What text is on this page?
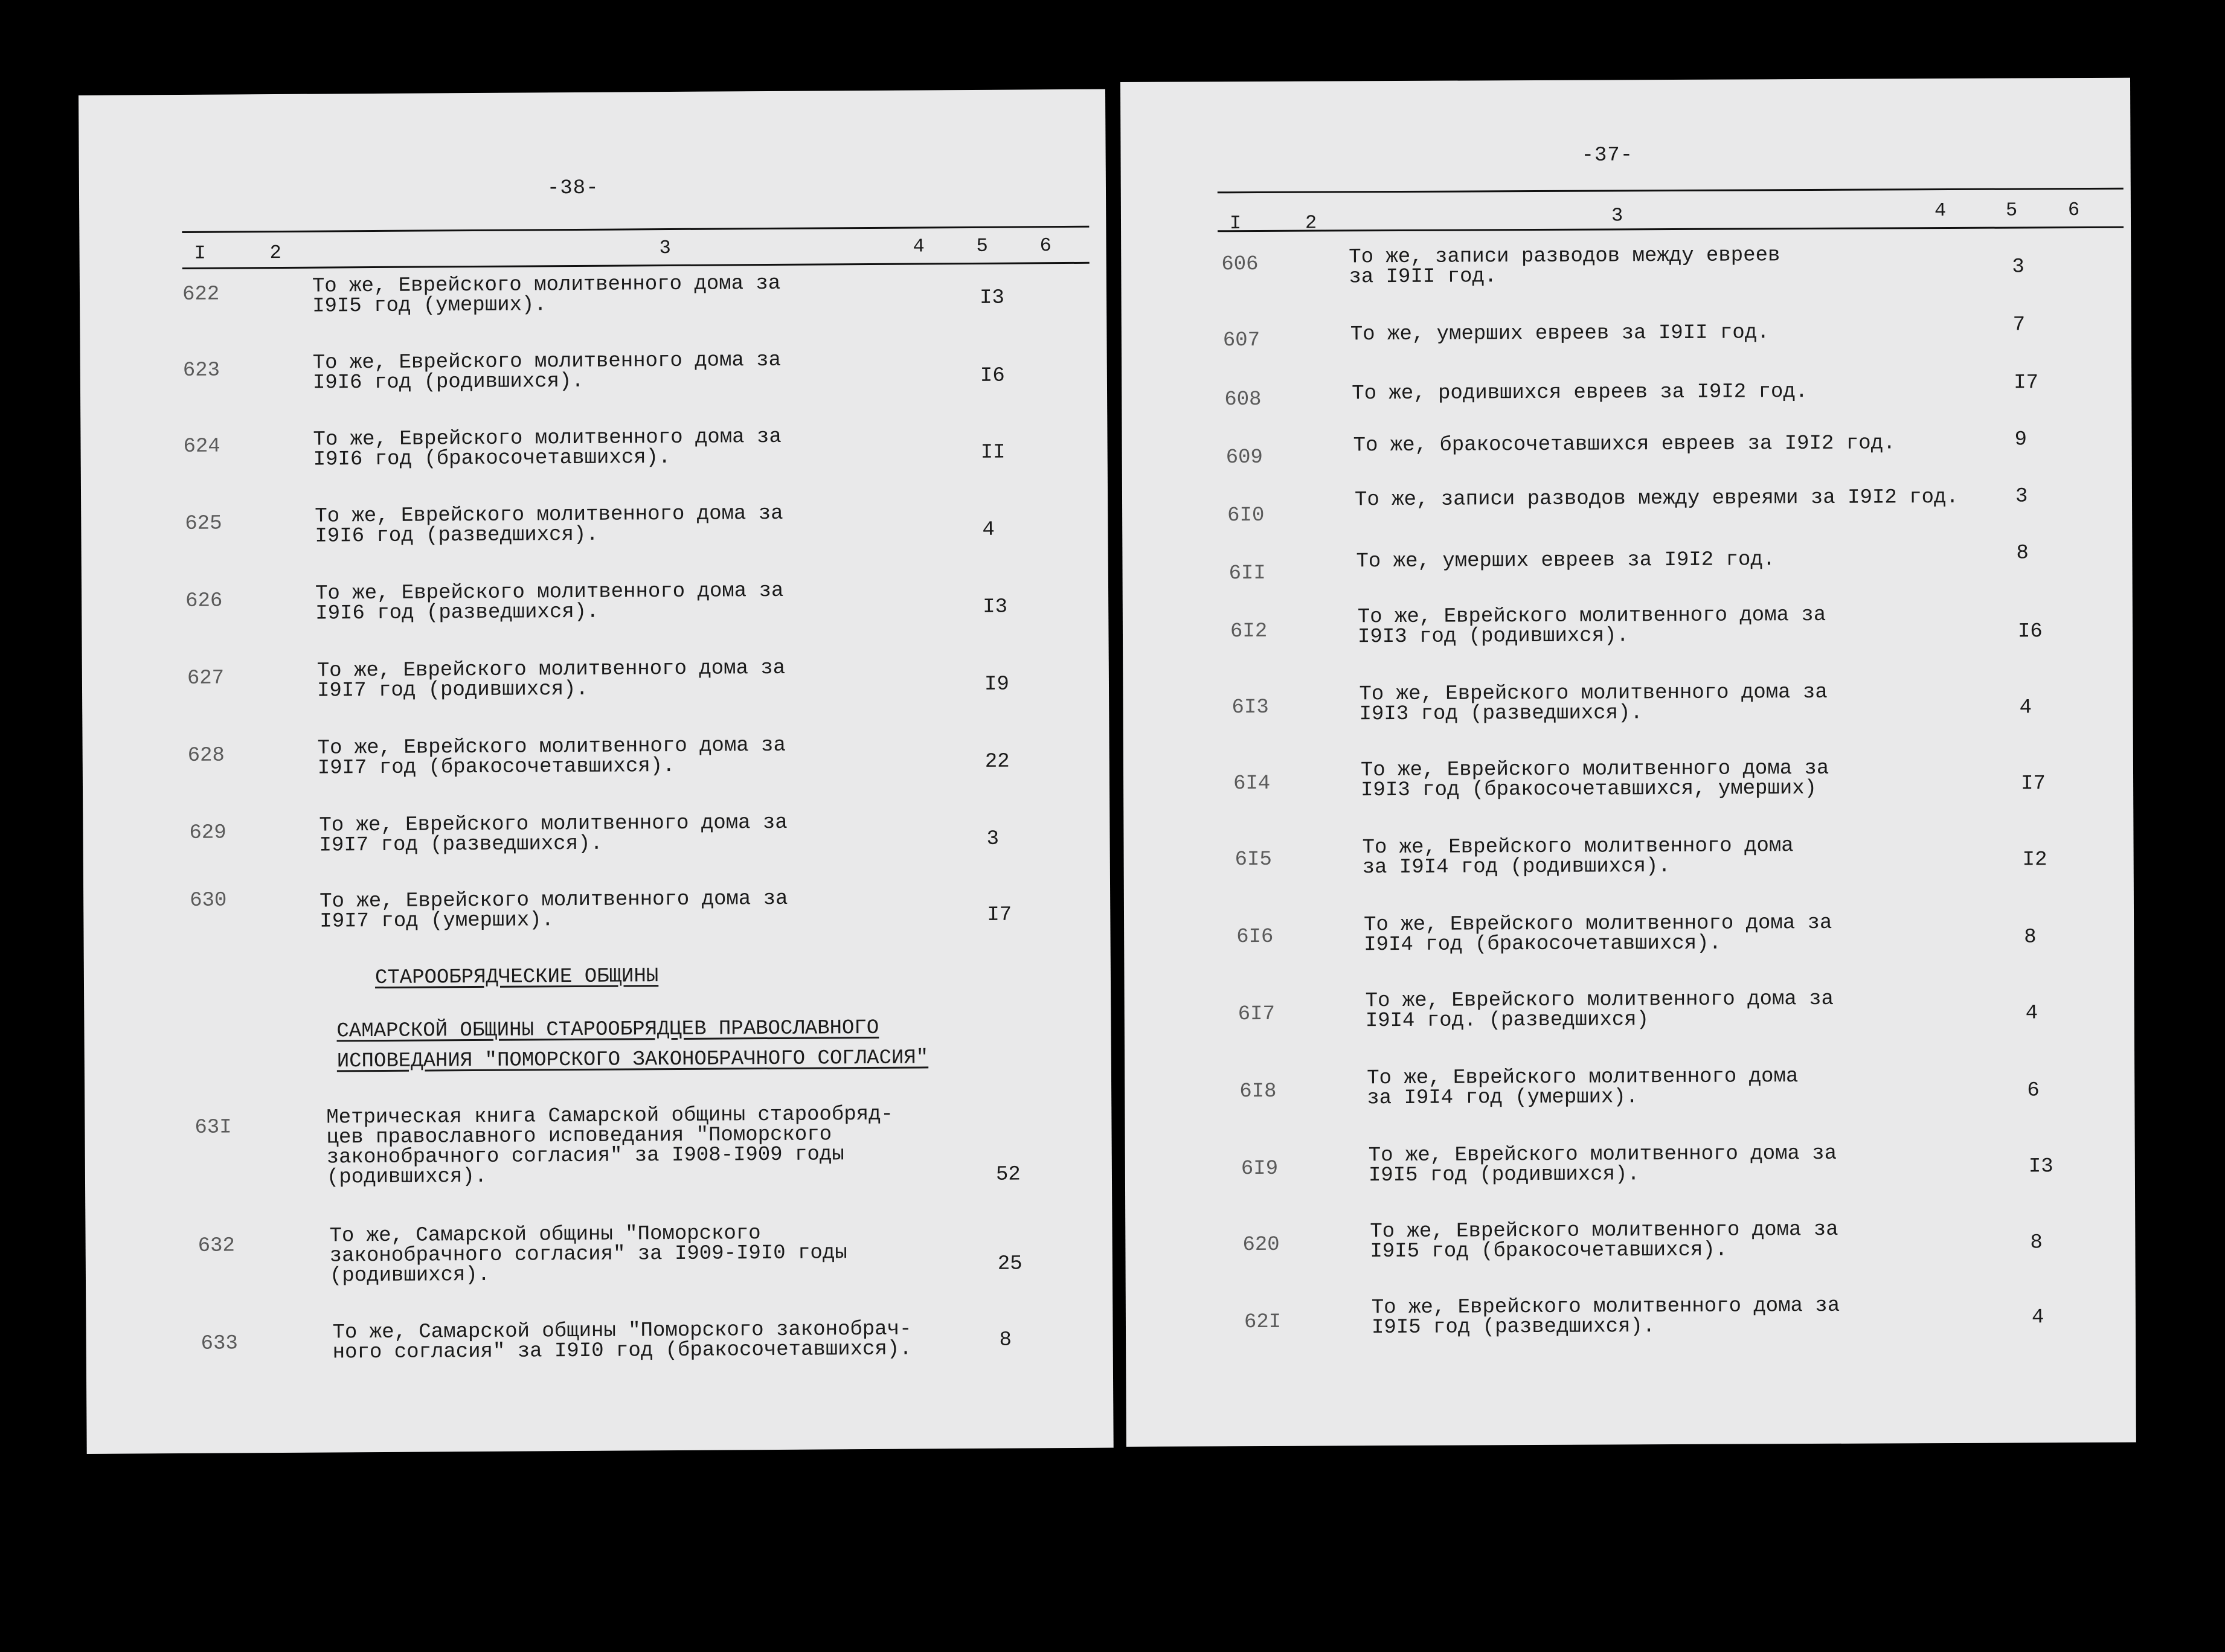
-38-
I	2	3	4	5	6
622	То же, Еврейского молитвенного дома за
I9I5 год (умерших).	I3
623	То же, Еврейского молитвенного дома за
I9I6 год (родившихся).	I6
624	То же, Еврейского молитвенного дома за
I9I6 год (бракосочетавшихся).	II
625	То же, Еврейского молитвенного дома за
I9I6 год (разведшихся).	4
626	То же, Еврейского молитвенного дома за
I9I6 год (разведшихся).	I3
627	То же, Еврейского молитвенного дома за
I9I7 год (родившихся).	I9
628	То же, Еврейского молитвенного дома за
I9I7 год (бракосочетавшихся).	22
629	То же, Еврейского молитвенного дома за
I9I7 год (разведшихся).	3
630	То же, Еврейского молитвенного дома за
I9I7 год (умерших).	I7
СТАРООБРЯДЧЕСКИЕ ОБЩИНЫ
САМАРСКОЙ ОБЩИНЫ СТАРООБРЯДЦЕВ ПРАВОСЛАВНОГО
ИСПОВЕДАНИЯ "ПОМОРСКОГО ЗАКОНОБРАЧНОГО СОГЛАСИЯ"
63I	Метрическая книга Самарской общины старообряд-
цев православного исповедания "Поморского
законобрачного согласия" за I908-I909 годы
(родившихся).	52
632	То же, Самарской общины "Поморского
законобрачного согласия" за I909-I9I0 годы
(родившихся).	25
633	То же, Самарской общины "Поморского законобрач-
ного согласия" за I9I0 год (бракосочетавшихся).	8
-37-
I	2	3	4	5	6
606	То же, записи разводов между евреев
за I9II год.	3
607	То же, умерших евреев за I9II год.	7
608	То же, родившихся евреев за I9I2 год.	I7
609
То же, бракосочетавшихся евреев за I9I2 год.	9
6I0
То же, записи разводов между евреями за I9I2 год.	3
6II
То же, умерших евреев за I9I2 год.	8
6I2
То же, Еврейского молитвенного дома за
I9I3 год (родившихся).	I6
6I3
То же, Еврейского молитвенного дома за
I9I3 год (разведшихся).	4
6I4
То же, Еврейского молитвенного дома за
I9I3 год (бракосочетавшихся, умерших)	I7
6I5
То же, Еврейского молитвенного дома
за I9I4 год (родившихся).	I2
6I6
То же, Еврейского молитвенного дома за
I9I4 год (бракосочетавшихся).	8
6I7
То же, Еврейского молитвенного дома за
I9I4 год. (разведшихся)	4
6I8
То же, Еврейского молитвенного дома
за I9I4 год (умерших).	6
6I9
То же, Еврейского молитвенного дома за
I9I5 год (родившихся).	I3
620
То же, Еврейского молитвенного дома за
I9I5 год (бракосочетавшихся).	8
62I
То же, Еврейского молитвенного дома за
I9I5 год (разведшихся).	4
